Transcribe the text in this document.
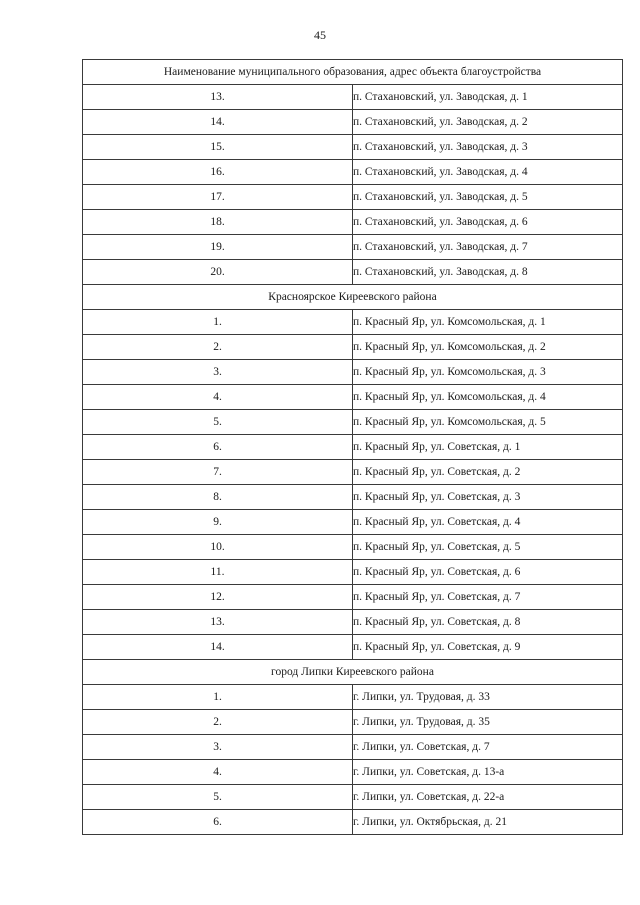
45
Наименование муниципального образования, адрес объекта благоустройства	
13.	п. Стахановский, ул. Заводская, д. 1
14.	п. Стахановский, ул. Заводская, д. 2
15.	п. Стахановский, ул. Заводская, д. 3
16.	п. Стахановский, ул. Заводская, д. 4
17.	п. Стахановский, ул. Заводская, д. 5
18.	п. Стахановский, ул. Заводская, д. 6
19.	п. Стахановский, ул. Заводская, д. 7
20.	п. Стахановский, ул. Заводская, д. 8
Красноярское Киреевского района	
1.	п. Красный Яр, ул. Комсомольская, д. 1
2.	п. Красный Яр, ул. Комсомольская, д. 2
3.	п. Красный Яр, ул. Комсомольская, д. 3
4.	п. Красный Яр, ул. Комсомольская, д. 4
5.	п. Красный Яр, ул. Комсомольская, д. 5
6.	п. Красный Яр, ул. Советская, д. 1
7.	п. Красный Яр, ул. Советская, д. 2
8.	п. Красный Яр, ул. Советская, д. 3
9.	п. Красный Яр, ул. Советская, д. 4
10.	п. Красный Яр, ул. Советская, д. 5
11.	п. Красный Яр, ул. Советская, д. 6
12.	п. Красный Яр, ул. Советская, д. 7
13.	п. Красный Яр, ул. Советская, д. 8
14.	п. Красный Яр, ул. Советская, д. 9
город Липки Киреевского района	
1.	г. Липки, ул. Трудовая, д. 33
2.	г. Липки, ул. Трудовая, д. 35
3.	г. Липки, ул. Советская, д. 7
4.	г. Липки, ул. Советская, д. 13-а
5.	г. Липки, ул. Советская, д. 22-а
6.	г. Липки, ул. Октябрьская, д. 21
